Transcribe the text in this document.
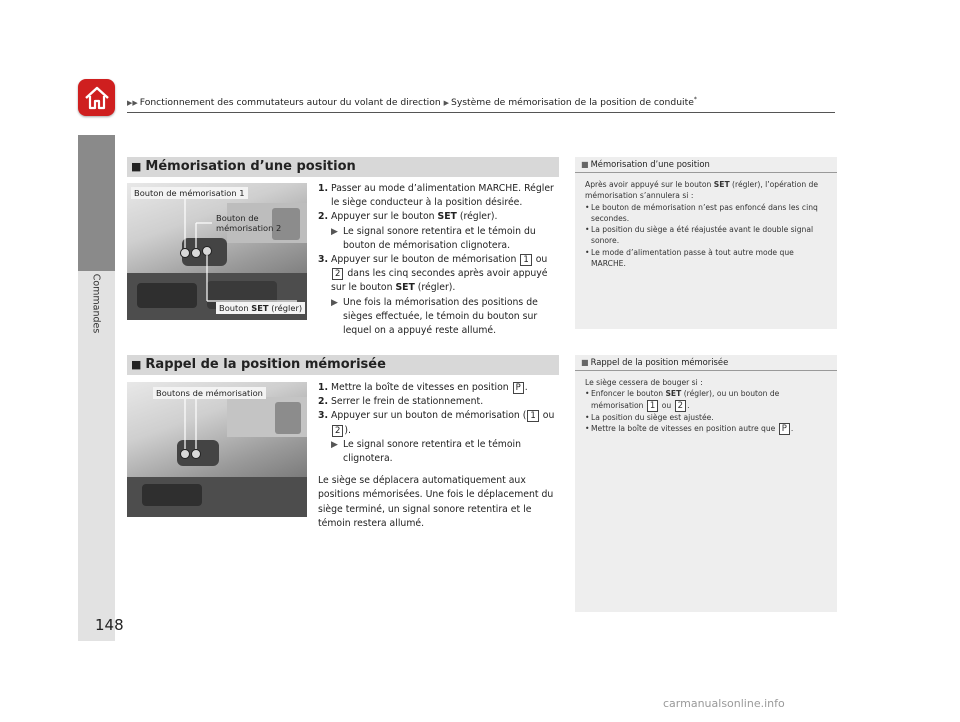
▶▶ Fonctionnement des commutateurs autour du volant de direction ▶ Système de mémorisation de la position de conduite*
Commandes
148
■ Mémorisation d’une position
Bouton de mémorisation 1
Bouton de
mémorisation 2
Bouton SET (régler)
1. Passer au mode d’alimentation MARCHE. Régler le siège conducteur à la position désirée.
2. Appuyer sur le bouton SET (régler).
▶ Le signal sonore retentira et le témoin du bouton de mémorisation clignotera.
3. Appuyer sur le bouton de mémorisation 1 ou 2 dans les cinq secondes après avoir appuyé sur le bouton SET (régler).
▶ Une fois la mémorisation des positions de sièges effectuée, le témoin du bouton sur lequel on a appuyé reste allumé.
■ Mémorisation d’une position
Après avoir appuyé sur le bouton SET (régler), l’opération de mémorisation s’annulera si :
• Le bouton de mémorisation n’est pas enfoncé dans les cinq secondes.
• La position du siège a été réajustée avant le double signal sonore.
• Le mode d’alimentation passe à tout autre mode que MARCHE.
■ Rappel de la position mémorisée
Boutons de mémorisation	1. Mettre la boîte de vitesses en position P .
2. Serrer le frein de stationnement.
3. Appuyer sur un bouton de mémorisation ( 1 ou 2 ).
▶ Le signal sonore retentira et le témoin clignotera.
Le siège se déplacera automatiquement aux positions mémorisées. Une fois le déplacement du siège terminé, un signal sonore retentira et le témoin restera allumé.
■ Rappel de la position mémorisée
Le siège cessera de bouger si :
• Enfoncer le bouton SET (régler), ou un bouton de mémorisation 1 ou 2 .
• La position du siège est ajustée.
• Mettre la boîte de vitesses en position autre que P .
carmanualsonline.info
